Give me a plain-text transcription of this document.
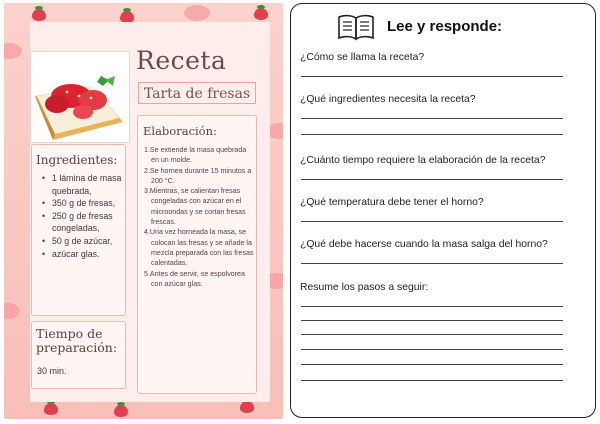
Receta
Tarta de fresas
Elaboración:
1.Se extiende la masa quebrada en un molde.
2.Se hornea durante 15 minutos a 200 °C.
3.Mientras, se calientan fresas congeladas con azúcar en el microondas y se cortan fresas frescas.
4.Una vez horneada la masa, se colocan las fresas y se añade la mezcla preparada con las fresas calentadas.
5.Antes de servir, se espolvorea con azúcar glas.
Ingredientes:
• 1 lámina de masa quebrada,
• 350 g de fresas,
• 250 g de fresas congeladas,
• 50 g de azúcar,
• azúcar glas.
Tiempo de preparación:
30 min.
Lee y responde:
¿Cómo se llama la receta?
¿Qué ingredientes necesita la receta?
¿Cuánto tiempo requiere la elaboración de la receta?
¿Qué temperatura debe tener el horno?
¿Qué debe hacerse cuando la masa salga del horno?
Resume los pasos a seguir:
